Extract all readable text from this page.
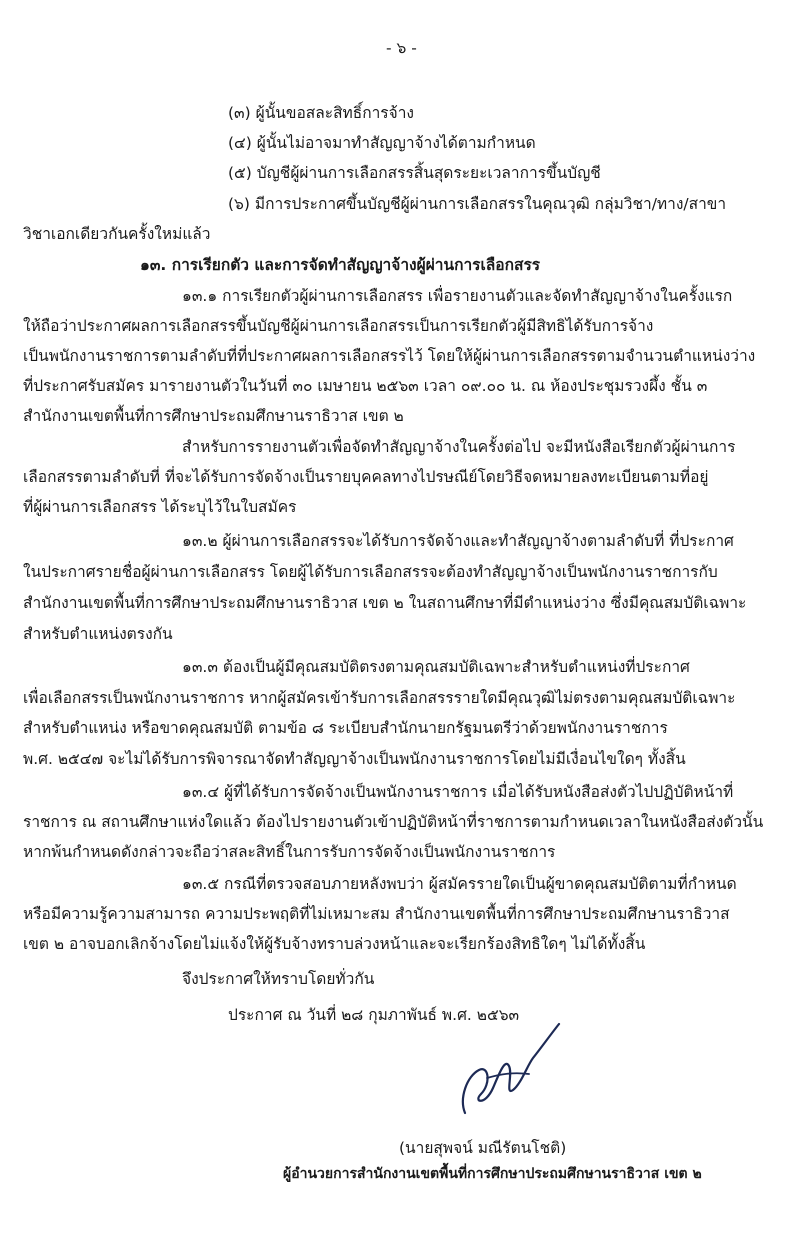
- ๖ -
(๓) ผู้นั้นขอสละสิทธิ์การจ้าง
(๔) ผู้นั้นไม่อาจมาทำสัญญาจ้างได้ตามกำหนด
(๕) บัญชีผู้ผ่านการเลือกสรรสิ้นสุดระยะเวลาการขึ้นบัญชี
(๖) มีการประกาศขึ้นบัญชีผู้ผ่านการเลือกสรรในคุณวุฒิ กลุ่มวิชา/ทาง/สาขา
วิชาเอกเดียวกันครั้งใหม่แล้ว
๑๓. การเรียกตัว และการจัดทำสัญญาจ้างผู้ผ่านการเลือกสรร
๑๓.๑ การเรียกตัวผู้ผ่านการเลือกสรร เพื่อรายงานตัวและจัดทำสัญญาจ้างในครั้งแรก
ให้ถือว่าประกาศผลการเลือกสรรขึ้นบัญชีผู้ผ่านการเลือกสรรเป็นการเรียกตัวผู้มีสิทธิได้รับการจ้าง
เป็นพนักงานราชการตามลำดับที่ที่ประกาศผลการเลือกสรรไว้ โดยให้ผู้ผ่านการเลือกสรรตามจำนวนตำแหน่งว่าง
ที่ประกาศรับสมัคร มารายงานตัวในวันที่ ๓๐ เมษายน ๒๕๖๓ เวลา ๐๙.๐๐ น. ณ ห้องประชุมรวงผึ้ง ชั้น ๓
สำนักงานเขตพื้นที่การศึกษาประถมศึกษานราธิวาส เขต ๒
สำหรับการรายงานตัวเพื่อจัดทำสัญญาจ้างในครั้งต่อไป จะมีหนังสือเรียกตัวผู้ผ่านการ
เลือกสรรตามลำดับที่ ที่จะได้รับการจัดจ้างเป็นรายบุคคลทางไปรษณีย์โดยวิธีจดหมายลงทะเบียนตามที่อยู่
ที่ผู้ผ่านการเลือกสรร ได้ระบุไว้ในใบสมัคร
๑๓.๒ ผู้ผ่านการเลือกสรรจะได้รับการจัดจ้างและทำสัญญาจ้างตามลำดับที่ ที่ประกาศ
ในประกาศรายชื่อผู้ผ่านการเลือกสรร โดยผู้ได้รับการเลือกสรรจะต้องทำสัญญาจ้างเป็นพนักงานราชการกับ
สำนักงานเขตพื้นที่การศึกษาประถมศึกษานราธิวาส เขต ๒ ในสถานศึกษาที่มีตำแหน่งว่าง ซึ่งมีคุณสมบัติเฉพาะ
สำหรับตำแหน่งตรงกัน
๑๓.๓ ต้องเป็นผู้มีคุณสมบัติตรงตามคุณสมบัติเฉพาะสำหรับตำแหน่งที่ประกาศ
เพื่อเลือกสรรเป็นพนักงานราชการ หากผู้สมัครเข้ารับการเลือกสรรรายใดมีคุณวุฒิไม่ตรงตามคุณสมบัติเฉพาะ
สำหรับตำแหน่ง หรือขาดคุณสมบัติ ตามข้อ ๘ ระเบียบสำนักนายกรัฐมนตรีว่าด้วยพนักงานราชการ
พ.ศ. ๒๕๔๗ จะไม่ได้รับการพิจารณาจัดทำสัญญาจ้างเป็นพนักงานราชการโดยไม่มีเงื่อนไขใดๆ ทั้งสิ้น
๑๓.๔ ผู้ที่ได้รับการจัดจ้างเป็นพนักงานราชการ เมื่อได้รับหนังสือส่งตัวไปปฏิบัติหน้าที่
ราชการ ณ สถานศึกษาแห่งใดแล้ว ต้องไปรายงานตัวเข้าปฏิบัติหน้าที่ราชการตามกำหนดเวลาในหนังสือส่งตัวนั้น
หากพ้นกำหนดดังกล่าวจะถือว่าสละสิทธิ์ในการรับการจัดจ้างเป็นพนักงานราชการ
๑๓.๕ กรณีที่ตรวจสอบภายหลังพบว่า ผู้สมัครรายใดเป็นผู้ขาดคุณสมบัติตามที่กำหนด
หรือมีความรู้ความสามารถ ความประพฤติที่ไม่เหมาะสม สำนักงานเขตพื้นที่การศึกษาประถมศึกษานราธิวาส
เขต ๒ อาจบอกเลิกจ้างโดยไม่แจ้งให้ผู้รับจ้างทราบล่วงหน้าและจะเรียกร้องสิทธิใดๆ ไม่ได้ทั้งสิ้น
จึงประกาศให้ทราบโดยทั่วกัน
ประกาศ ณ วันที่ ๒๘ กุมภาพันธ์ พ.ศ. ๒๕๖๓
(นายสุพจน์ มณีรัตนโชติ)
ผู้อำนวยการสำนักงานเขตพื้นที่การศึกษาประถมศึกษานราธิวาส เขต ๒
